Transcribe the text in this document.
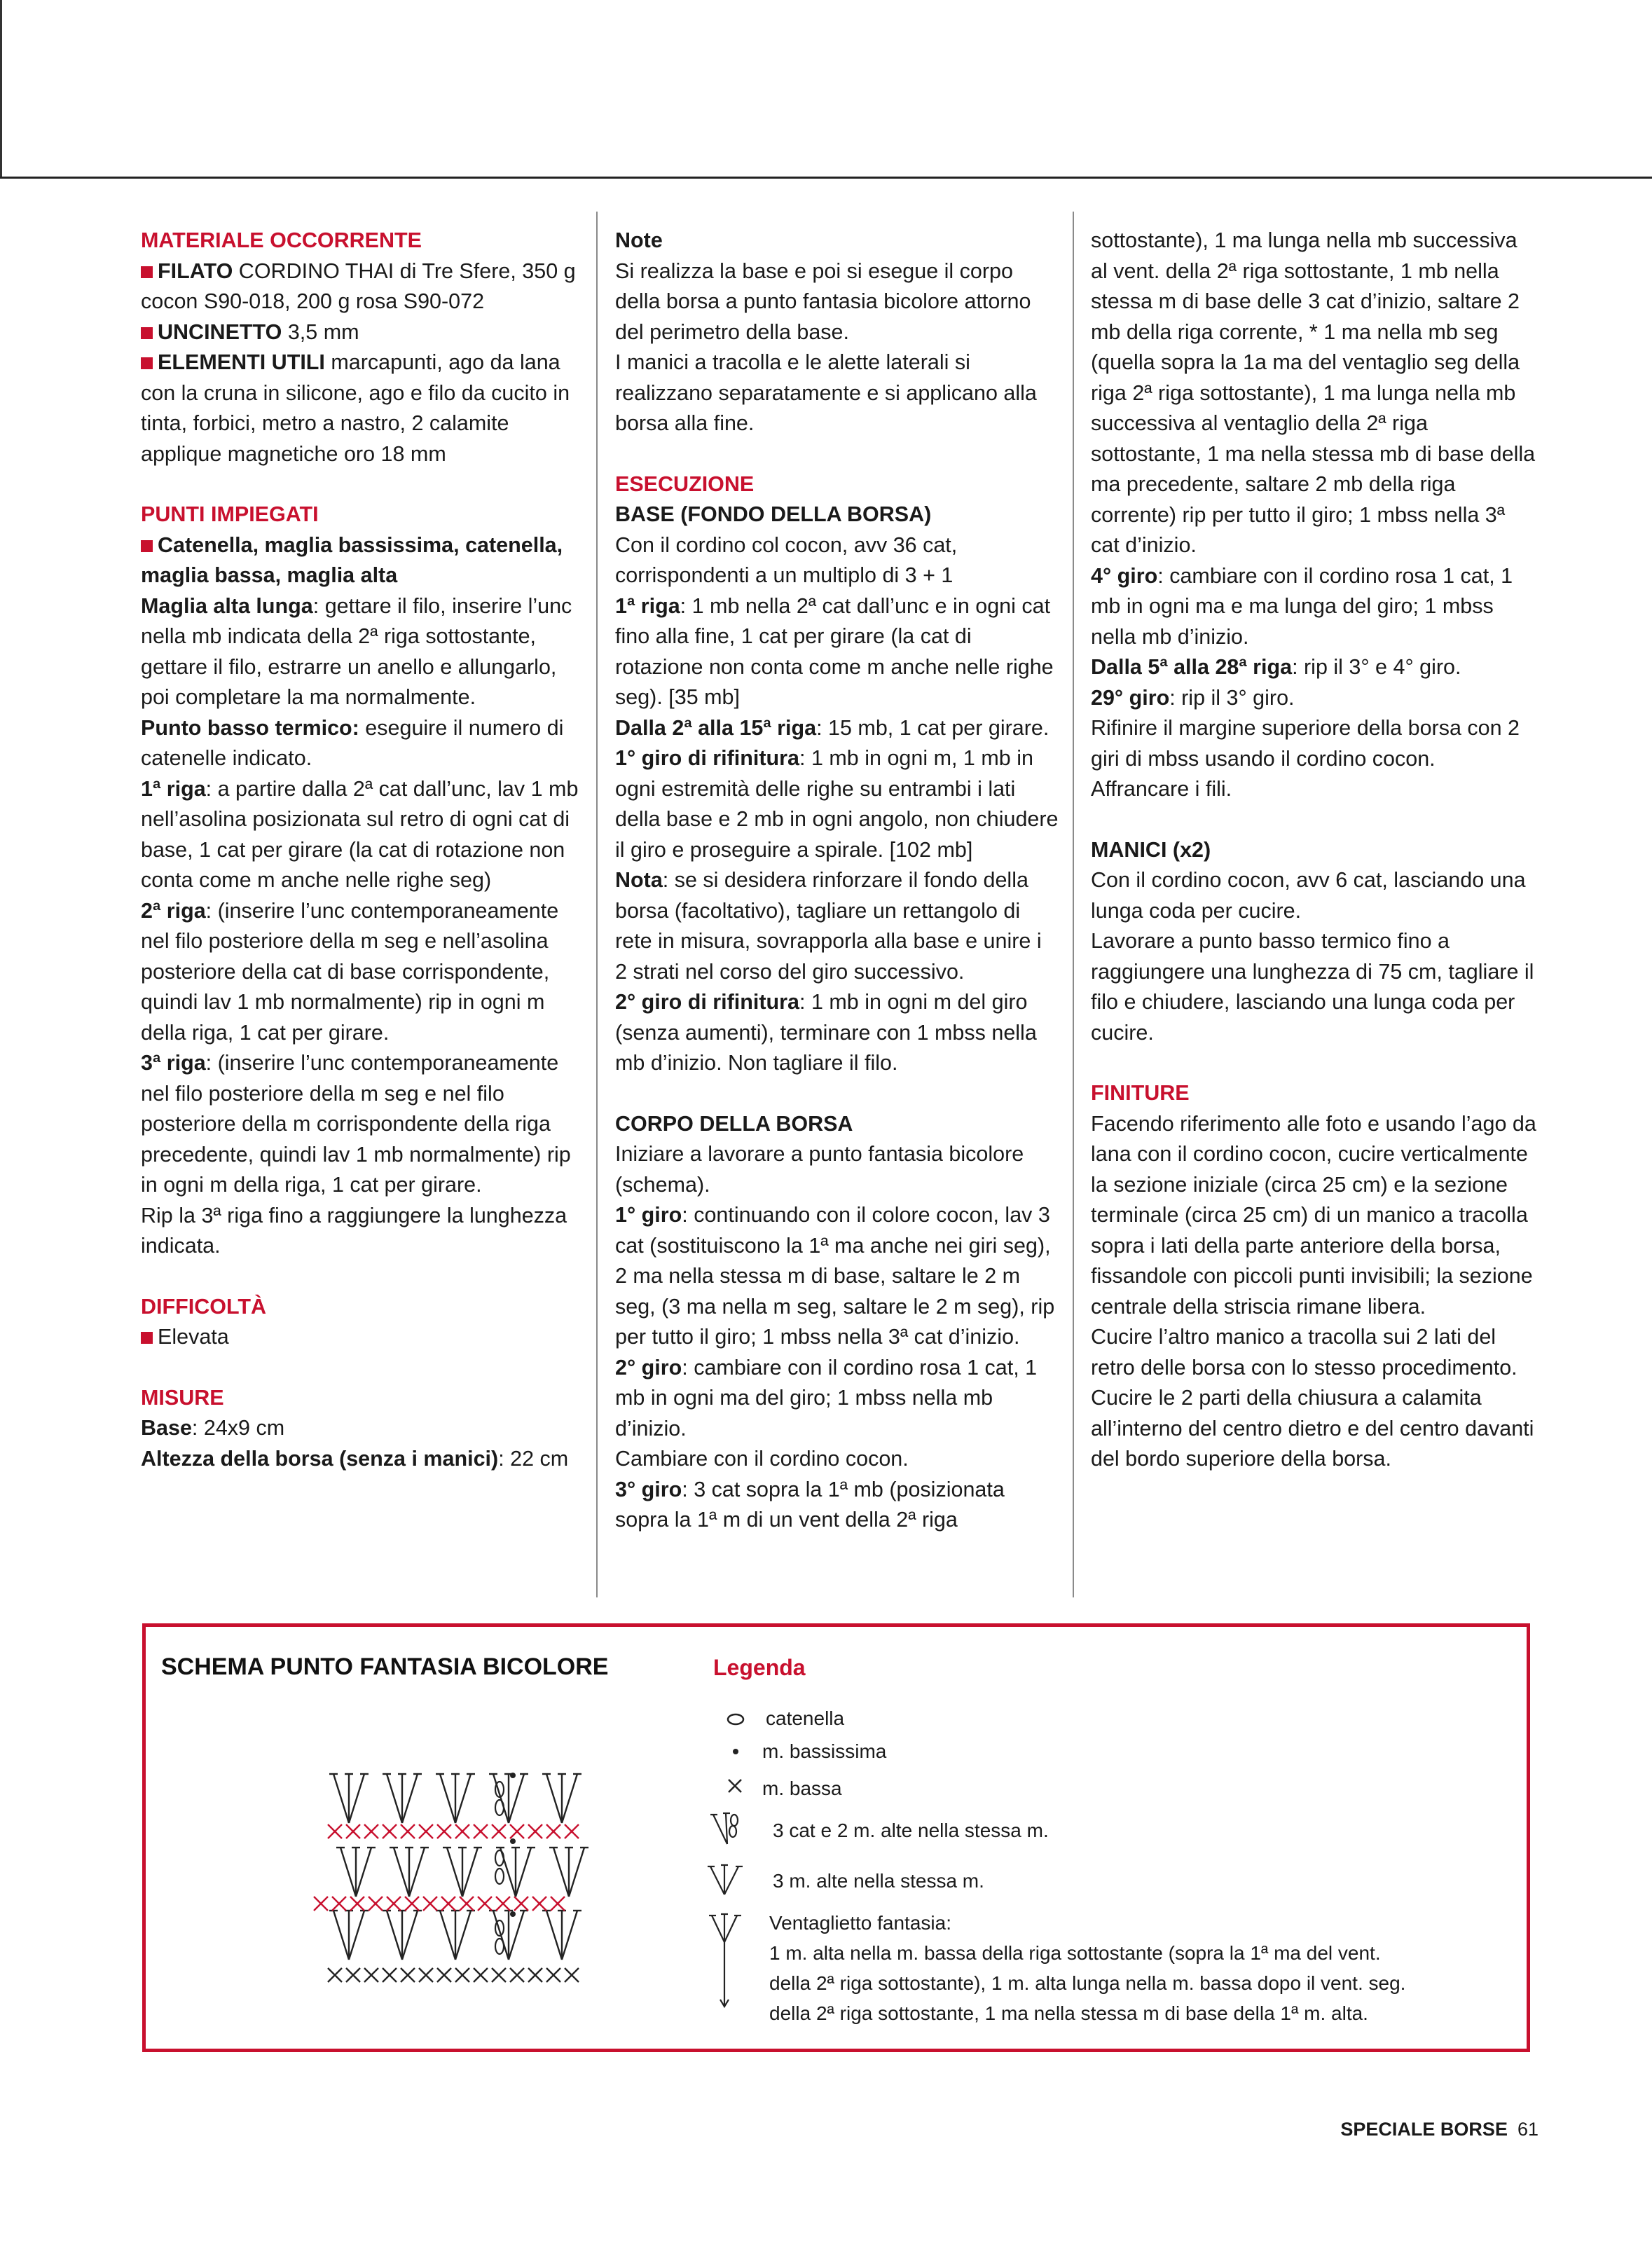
MATERIALE OCCORRENTE

FILATO CORDINO THAI di Tre Sfere, 350 g cocon S90-018, 200 g rosa S90-072

UNCINETTO 3,5 mm

ELEMENTI UTILI marcapunti, ago da lana con la cruna in silicone, ago e filo da cucito in tinta, forbici, metro a nastro, 2 calamite applique magnetiche oro 18 mm

PUNTI IMPIEGATI

Catenella, maglia bassissima, catenella, maglia bassa, maglia alta

Maglia alta lunga: gettare il filo, inserire l’unc nella mb indicata della 2ª riga sottostante, gettare il filo, estrarre un anello e allungarlo, poi completare la ma normalmente.

Punto basso termico: eseguire il numero di catenelle indicato.

1ª riga: a partire dalla 2ª cat dall’unc, lav 1 mb nell’asolina posizionata sul retro di ogni cat di base, 1 cat per girare (la cat di rotazione non conta come m anche nelle righe seg)

2ª riga: (inserire l’unc contemporaneamente nel filo posteriore della m seg e nell’asolina posteriore della cat di base corrispondente, quindi lav 1 mb normalmente) rip in ogni m della riga, 1 cat per girare.

3ª riga: (inserire l’unc contemporaneamente nel filo posteriore della m seg e nel filo posteriore della m corrispondente della riga precedente, quindi lav 1 mb normalmente) rip in ogni m della riga, 1 cat per girare.

Rip la 3ª riga fino a raggiungere la lunghezza indicata.

DIFFICOLTÀ

Elevata

MISURE

Base: 24x9 cm

Altezza della borsa (senza i manici): 22 cm

Note

Si realizza la base e poi si esegue il corpo della borsa a punto fantasia bicolore attorno del perimetro della base.

I manici a tracolla e le alette laterali si realizzano separatamente e si applicano alla borsa alla fine.

ESECUZIONE

BASE (FONDO DELLA BORSA)

Con il cordino col cocon, avv 36 cat, corrispondenti a un multiplo di 3 + 1

1ª riga: 1 mb nella 2ª cat dall’unc e in ogni cat fino alla fine, 1 cat per girare (la cat di rotazione non conta come m anche nelle righe seg). [35 mb]

Dalla 2ª alla 15ª riga: 15 mb, 1 cat per girare.

1° giro di rifinitura: 1 mb in ogni m, 1 mb in ogni estremità delle righe su entrambi i lati della base e 2 mb in ogni angolo, non chiudere il giro e proseguire a spirale. [102 mb]

Nota: se si desidera rinforzare il fondo della borsa (facoltativo), tagliare un rettangolo di rete in misura, sovrapporla alla base e unire i 2 strati nel corso del giro successivo.

2° giro di rifinitura: 1 mb in ogni m del giro (senza aumenti), terminare con 1 mbss nella mb d’inizio. Non tagliare il filo.

CORPO DELLA BORSA

Iniziare a lavorare a punto fantasia bicolore (schema).

1° giro: continuando con il colore cocon, lav 3 cat (sostituiscono la 1ª ma anche nei giri seg), 2 ma nella stessa m di base, saltare le 2 m seg, (3 ma nella m seg, saltare le 2 m seg), rip per tutto il giro; 1 mbss nella 3ª cat d’inizio.

2° giro: cambiare con il cordino rosa 1 cat, 1 mb in ogni ma del giro; 1 mbss nella mb d’inizio.

Cambiare con il cordino cocon.

3° giro: 3 cat sopra la 1ª mb (posizionata sopra la 1ª m di un vent della 2ª riga

sottostante), 1 ma lunga nella mb successiva al vent. della 2ª riga sottostante, 1 mb nella stessa m di base delle 3 cat d’inizio, saltare 2 mb della riga corrente, * 1 ma nella mb seg (quella sopra la 1a ma del ventaglio seg della riga 2ª riga sottostante), 1 ma lunga nella mb successiva al ventaglio della 2ª riga sottostante, 1 ma nella stessa mb di base della ma precedente, saltare 2 mb della riga corrente) rip per tutto il giro; 1 mbss nella 3ª cat d’inizio.

4° giro: cambiare con il cordino rosa 1 cat, 1 mb in ogni ma e ma lunga del giro; 1 mbss nella mb d’inizio.

Dalla 5ª alla 28ª riga: rip il 3° e 4° giro.

29° giro: rip il 3° giro.

Rifinire il margine superiore della borsa con 2 giri di mbss usando il cordino cocon. Affrancare i fili.

MANICI (x2)

Con il cordino cocon, avv 6 cat, lasciando una lunga coda per cucire.

Lavorare a punto basso termico fino a raggiungere una lunghezza di 75 cm, tagliare il filo e chiudere, lasciando una lunga coda per cucire.

FINITURE

Facendo riferimento alle foto e usando l’ago da lana con il cordino cocon, cucire verticalmente la sezione iniziale (circa 25 cm) e la sezione terminale (circa 25 cm) di un manico a tracolla sopra i lati della parte anteriore della borsa, fissandole con piccoli punti invisibili; la sezione centrale della striscia rimane libera.

Cucire l’altro manico a tracolla sui 2 lati del retro delle borsa con lo stesso procedimento.

Cucire le 2 parti della chiusura a calamita all’interno del centro dietro e del centro davanti del bordo superiore della borsa.

SCHEMA PUNTO FANTASIA BICOLORE	Legenda
catenella
m. bassissima
m. bassa
3 cat e 2 m. alte nella stessa m.
3 m. alte nella stessa m.
Ventaglietto fantasia:
1 m. alta nella m. bassa della riga sottostante (sopra la 1ª ma del vent.
della 2ª riga sottostante), 1 m. alta lunga nella m. bassa dopo il vent. seg.
della 2ª riga sottostante, 1 ma nella stessa m di base della 1ª m. alta.
SPECIALE BORSE 61
